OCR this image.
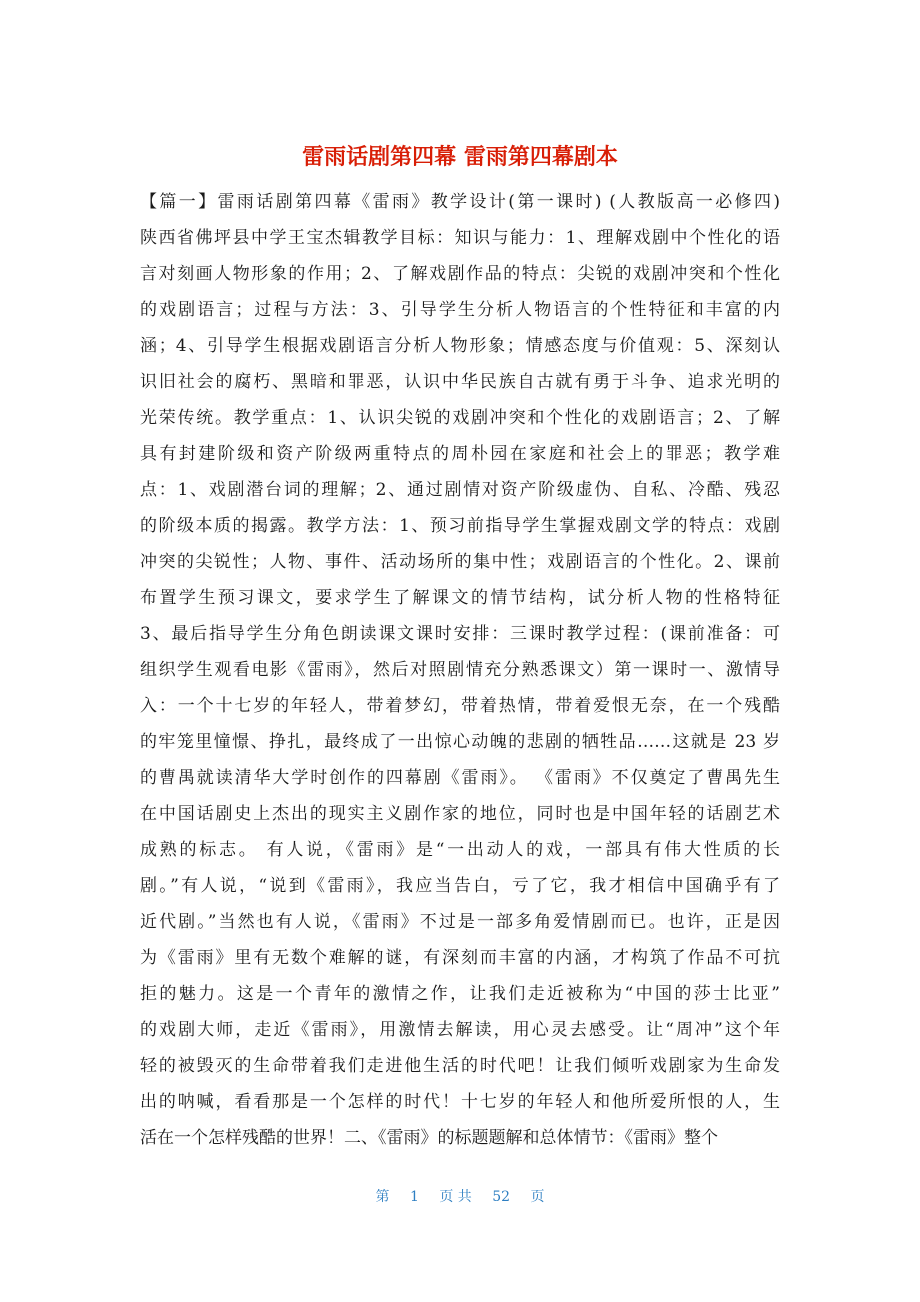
雷雨话剧第四幕 雷雨第四幕剧本
【篇一】雷雨话剧第四幕《雷雨》教学设计(第一课时) (人教版高一必修四)
陕西省佛坪县中学王宝杰辑教学目标：知识与能力：1、理解戏剧中个性化的语
言对刻画人物形象的作用；2、了解戏剧作品的特点：尖锐的戏剧冲突和个性化
的戏剧语言；过程与方法：3、引导学生分析人物语言的个性特征和丰富的内
涵；4、引导学生根据戏剧语言分析人物形象；情感态度与价值观：5、深刻认
识旧社会的腐朽、黑暗和罪恶，认识中华民族自古就有勇于斗争、追求光明的
光荣传统。教学重点：1、认识尖锐的戏剧冲突和个性化的戏剧语言；2、了解
具有封建阶级和资产阶级两重特点的周朴园在家庭和社会上的罪恶；教学难
点：1、戏剧潜台词的理解；2、通过剧情对资产阶级虚伪、自私、冷酷、残忍
的阶级本质的揭露。教学方法：1、预习前指导学生掌握戏剧文学的特点：戏剧
冲突的尖锐性；人物、事件、活动场所的集中性；戏剧语言的个性化。2、课前
布置学生预习课文，要求学生了解课文的情节结构，试分析人物的性格特征
3、最后指导学生分角色朗读课文课时安排：三课时教学过程：(课前准备：可
组织学生观看电影《雷雨》，然后对照剧情充分熟悉课文）第一课时一、激情导
入：一个十七岁的年轻人，带着梦幻，带着热情，带着爱恨无奈，在一个残酷
的牢笼里憧憬、挣扎，最终成了一出惊心动魄的悲剧的牺牲品……这就是 23 岁
的曹禺就读清华大学时创作的四幕剧《雷雨》。 《雷雨》不仅奠定了曹禺先生
在中国话剧史上杰出的现实主义剧作家的地位，同时也是中国年轻的话剧艺术
成熟的标志。 有人说，《雷雨》是“一出动人的戏，一部具有伟大性质的长
剧。”有人说，“说到《雷雨》，我应当告白，亏了它，我才相信中国确乎有了
近代剧。”当然也有人说，《雷雨》不过是一部多角爱情剧而已。也许，正是因
为《雷雨》里有无数个难解的谜，有深刻而丰富的内涵，才构筑了作品不可抗
拒的魅力。这是一个青年的激情之作，让我们走近被称为“中国的莎士比亚”
的戏剧大师，走近《雷雨》，用激情去解读，用心灵去感受。让“周冲”这个年
轻的被毁灭的生命带着我们走进他生活的时代吧！让我们倾听戏剧家为生命发
出的呐喊，看看那是一个怎样的时代！十七岁的年轻人和他所爱所恨的人，生
活在一个怎样残酷的世界！二、《雷雨》的标题题解和总体情节：《雷雨》整个
第 1 页 共 52 页
